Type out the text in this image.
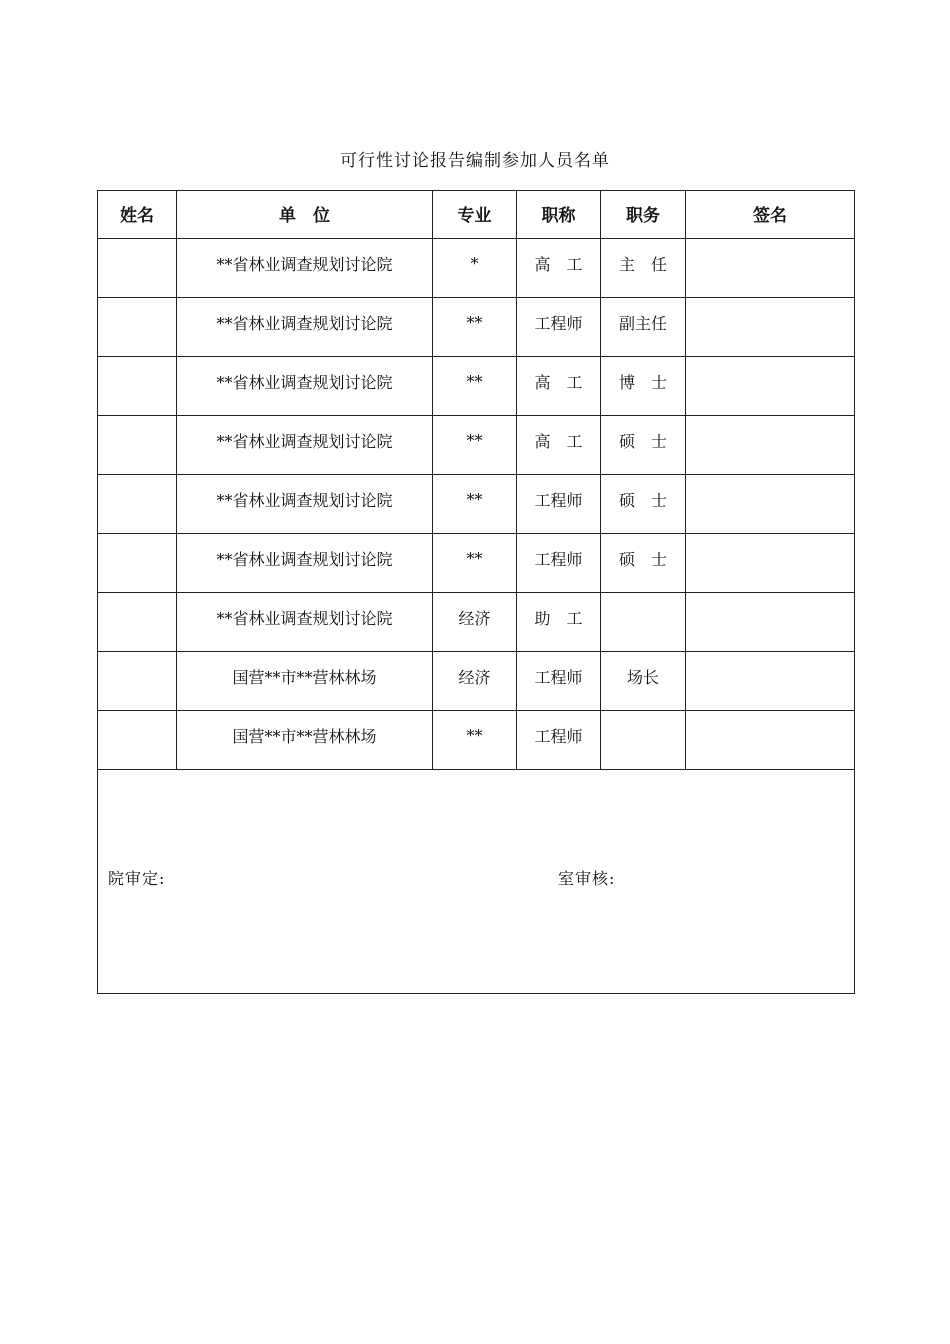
可行性讨论报告编制参加人员名单
姓名	单　位	专业	职称	职务	签名
	**省林业调查规划讨论院	*	高　工	主　任	
	**省林业调查规划讨论院	**	工程师	副主任	
	**省林业调查规划讨论院	**	高　工	博　士	
	**省林业调查规划讨论院	**	高　工	硕　士	
	**省林业调查规划讨论院	**	工程师	硕　士	
	**省林业调查规划讨论院	**	工程师	硕　士	
	**省林业调查规划讨论院	经济	助　工		
	国营**市**营林林场	经济	工程师	场长	
	国营**市**营林林场	**	工程师		

院审定: 室审核:					
